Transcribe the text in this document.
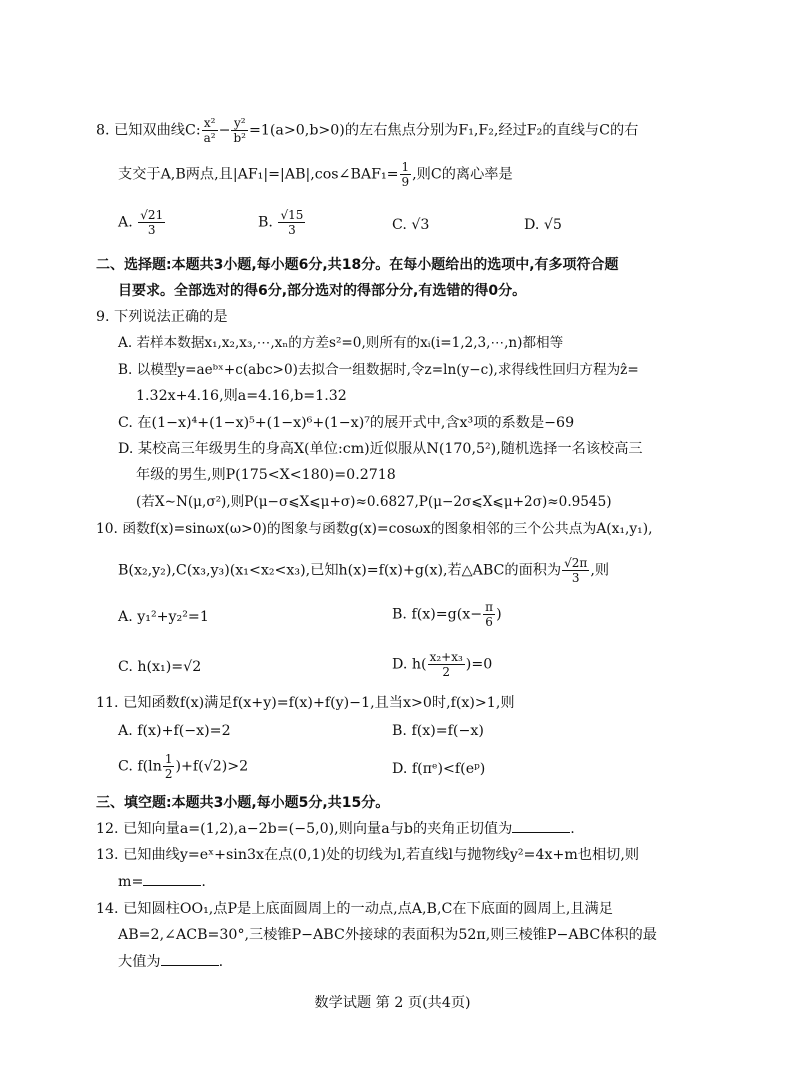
8. 已知双曲线C: $\frac{\text{x²}}{\text{a²}} - \frac{\text{y²}}{\text{b²}} =1(a>0,b>0)$的左右焦点分别为F₁,F₂,经过F₂的直线与C的右
支交于A,B两点,且|AF₁|=|AB|,cos∠BAF₁= $\frac{1}{9}$ ,则C的离心率是
A. $\frac{√21}{3}$	B. $\frac{√15}{3}$	C. √3	D. √5
二、选择题:本题共3小题,每小题6分,共18分。在每小题给出的选项中,有多项符合题
目要求。全部选对的得6分,部分选对的得部分分,有选错的得0分。
9. 下列说法正确的是
A. 若样本数据x₁,x₂,x₃,⋯,xₙ的方差s²=0,则所有的xᵢ(i=1,2,3,⋯,n)都相等
B. 以模型y=aeᵇˣ+c(abc>0)去拟合一组数据时,令z=ln(y−c),求得线性回归方程为ẑ=
1.32x+4.16,则a=4.16,b=1.32
C. 在(1−x)⁴+(1−x)⁵+(1−x)⁶+(1−x)⁷的展开式中,含x³项的系数是−69
D. 某校高三年级男生的身高X(单位:cm)近似服从N(170,5²),随机选择一名该校高三
年级的男生,则P(175<X<180)=0.2718
(若X∼N(μ,σ²),则P(μ−σ⩽X⩽μ+σ)≈0.6827,P(μ−2σ⩽X⩽μ+2σ)≈0.9545)
10. 函数f(x)=sinωx(ω>0)的图象与函数g(x)=cosωx的图象相邻的三个公共点为A(x₁,y₁),
B(x₂,y₂),C(x₃,y₃)(x₁<x₂<x₃),已知h(x)=f(x)+g(x),若△ABC的面积为 $\frac{√2\pi}{3}$ ,则
A. y₁²+y₂²=1	B. $f(x)=g(x- \frac{\pi}{6}$ )
C. h(x₁)=√2	D. $h( \frac{\text{x₂+x₃}}{2} )=0$
11. 已知函数f(x)满足f(x+y)=f(x)+f(y)−1,且当x>0时,f(x)>1,则
A. f(x)+f(−x)=2	B. f(x)=f(−x)
C. $f(\ln \frac{1}{2} )+f(√2)>2$	D. f(πᵉ)<f(eᵖ)
三、填空题:本题共3小题,每小题5分,共15分。
12. 已知向量a=(1,2),a−2b=(−5,0),则向量a与b的夹角正切值为	.
13. 已知曲线y=eˣ+sin3x在点(0,1)处的切线为l,若直线l与抛物线y²=4x+m也相切,则
m=	.
14. 已知圆柱OO₁,点P是上底面圆周上的一动点,点A,B,C在下底面的圆周上,且满足
AB=2,∠ACB=30°,三棱锥P−ABC外接球的表面积为52π,则三棱锥P−ABC体积的最
大值为	.
数学试题 第 2 页(共4页)
